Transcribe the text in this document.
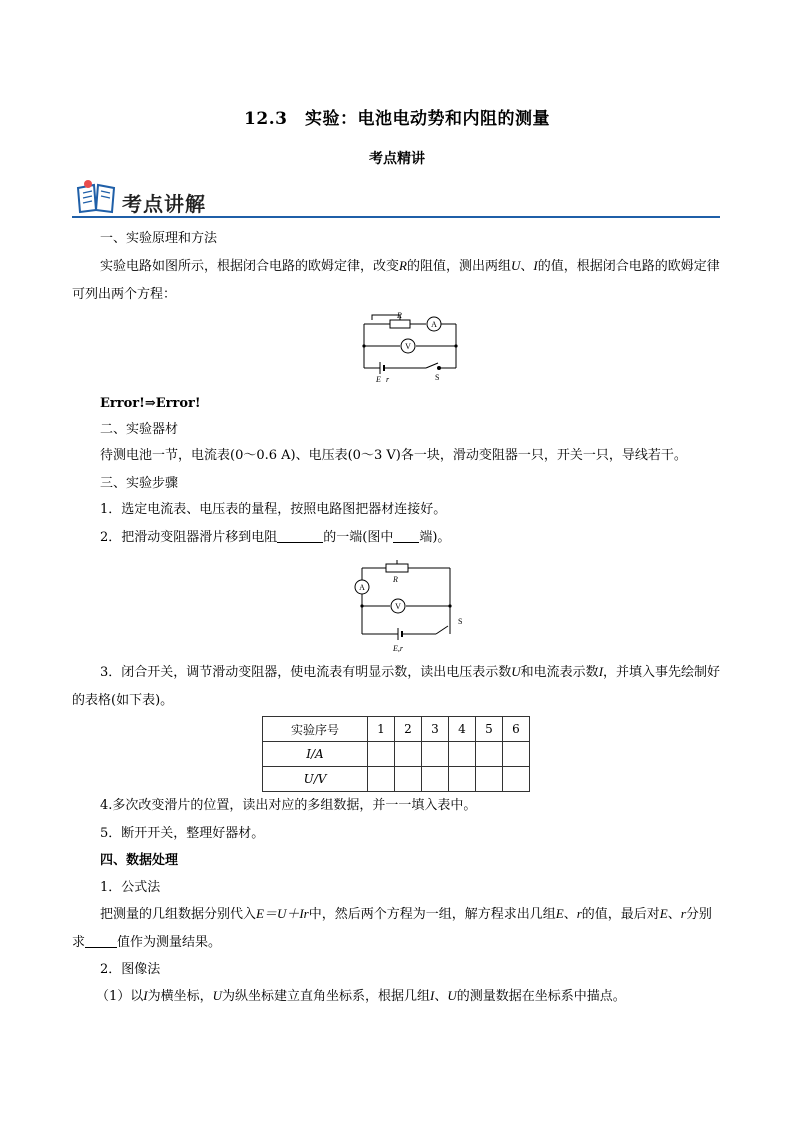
12.3　实验：电池电动势和内阻的测量
考点精讲
考点讲解
一、实验原理和方法
实验电路如图所示，根据闭合电路的欧姆定律，改变R的阻值，测出两组U、I的值，根据闭合电路的欧姆定律可列出两个方程：
R
A
V
E r	S
Error!⇒Error!
二、实验器材
待测电池一节，电流表(0～0.6 A)、电压表(0～3 V)各一块，滑动变阻器一只，开关一只，导线若干。
三、实验步骤
1．选定电流表、电压表的量程，按照电路图把器材连接好。
2．把滑动变阻器滑片移到电阻	的一端(图中 端)。
A
R
V
S
E,r
3．闭合开关，调节滑动变阻器，使电流表有明显示数，读出电压表示数U和电流表示数I，并填入事先绘制好的表格(如下表)。
实验序号	1	2	3	4	5	6
I/A						
U/V						
4.多次改变滑片的位置，读出对应的多组数据，并一一填入表中。
5．断开开关，整理好器材。
四、数据处理
1．公式法
把测量的几组数据分别代入E＝U＋Ir中，然后两个方程为一组，解方程求出几组E、r的值，最后对E、r分别求 值作为测量结果。
2．图像法
（1）以I为横坐标，U为纵坐标建立直角坐标系，根据几组I、U的测量数据在坐标系中描点。
